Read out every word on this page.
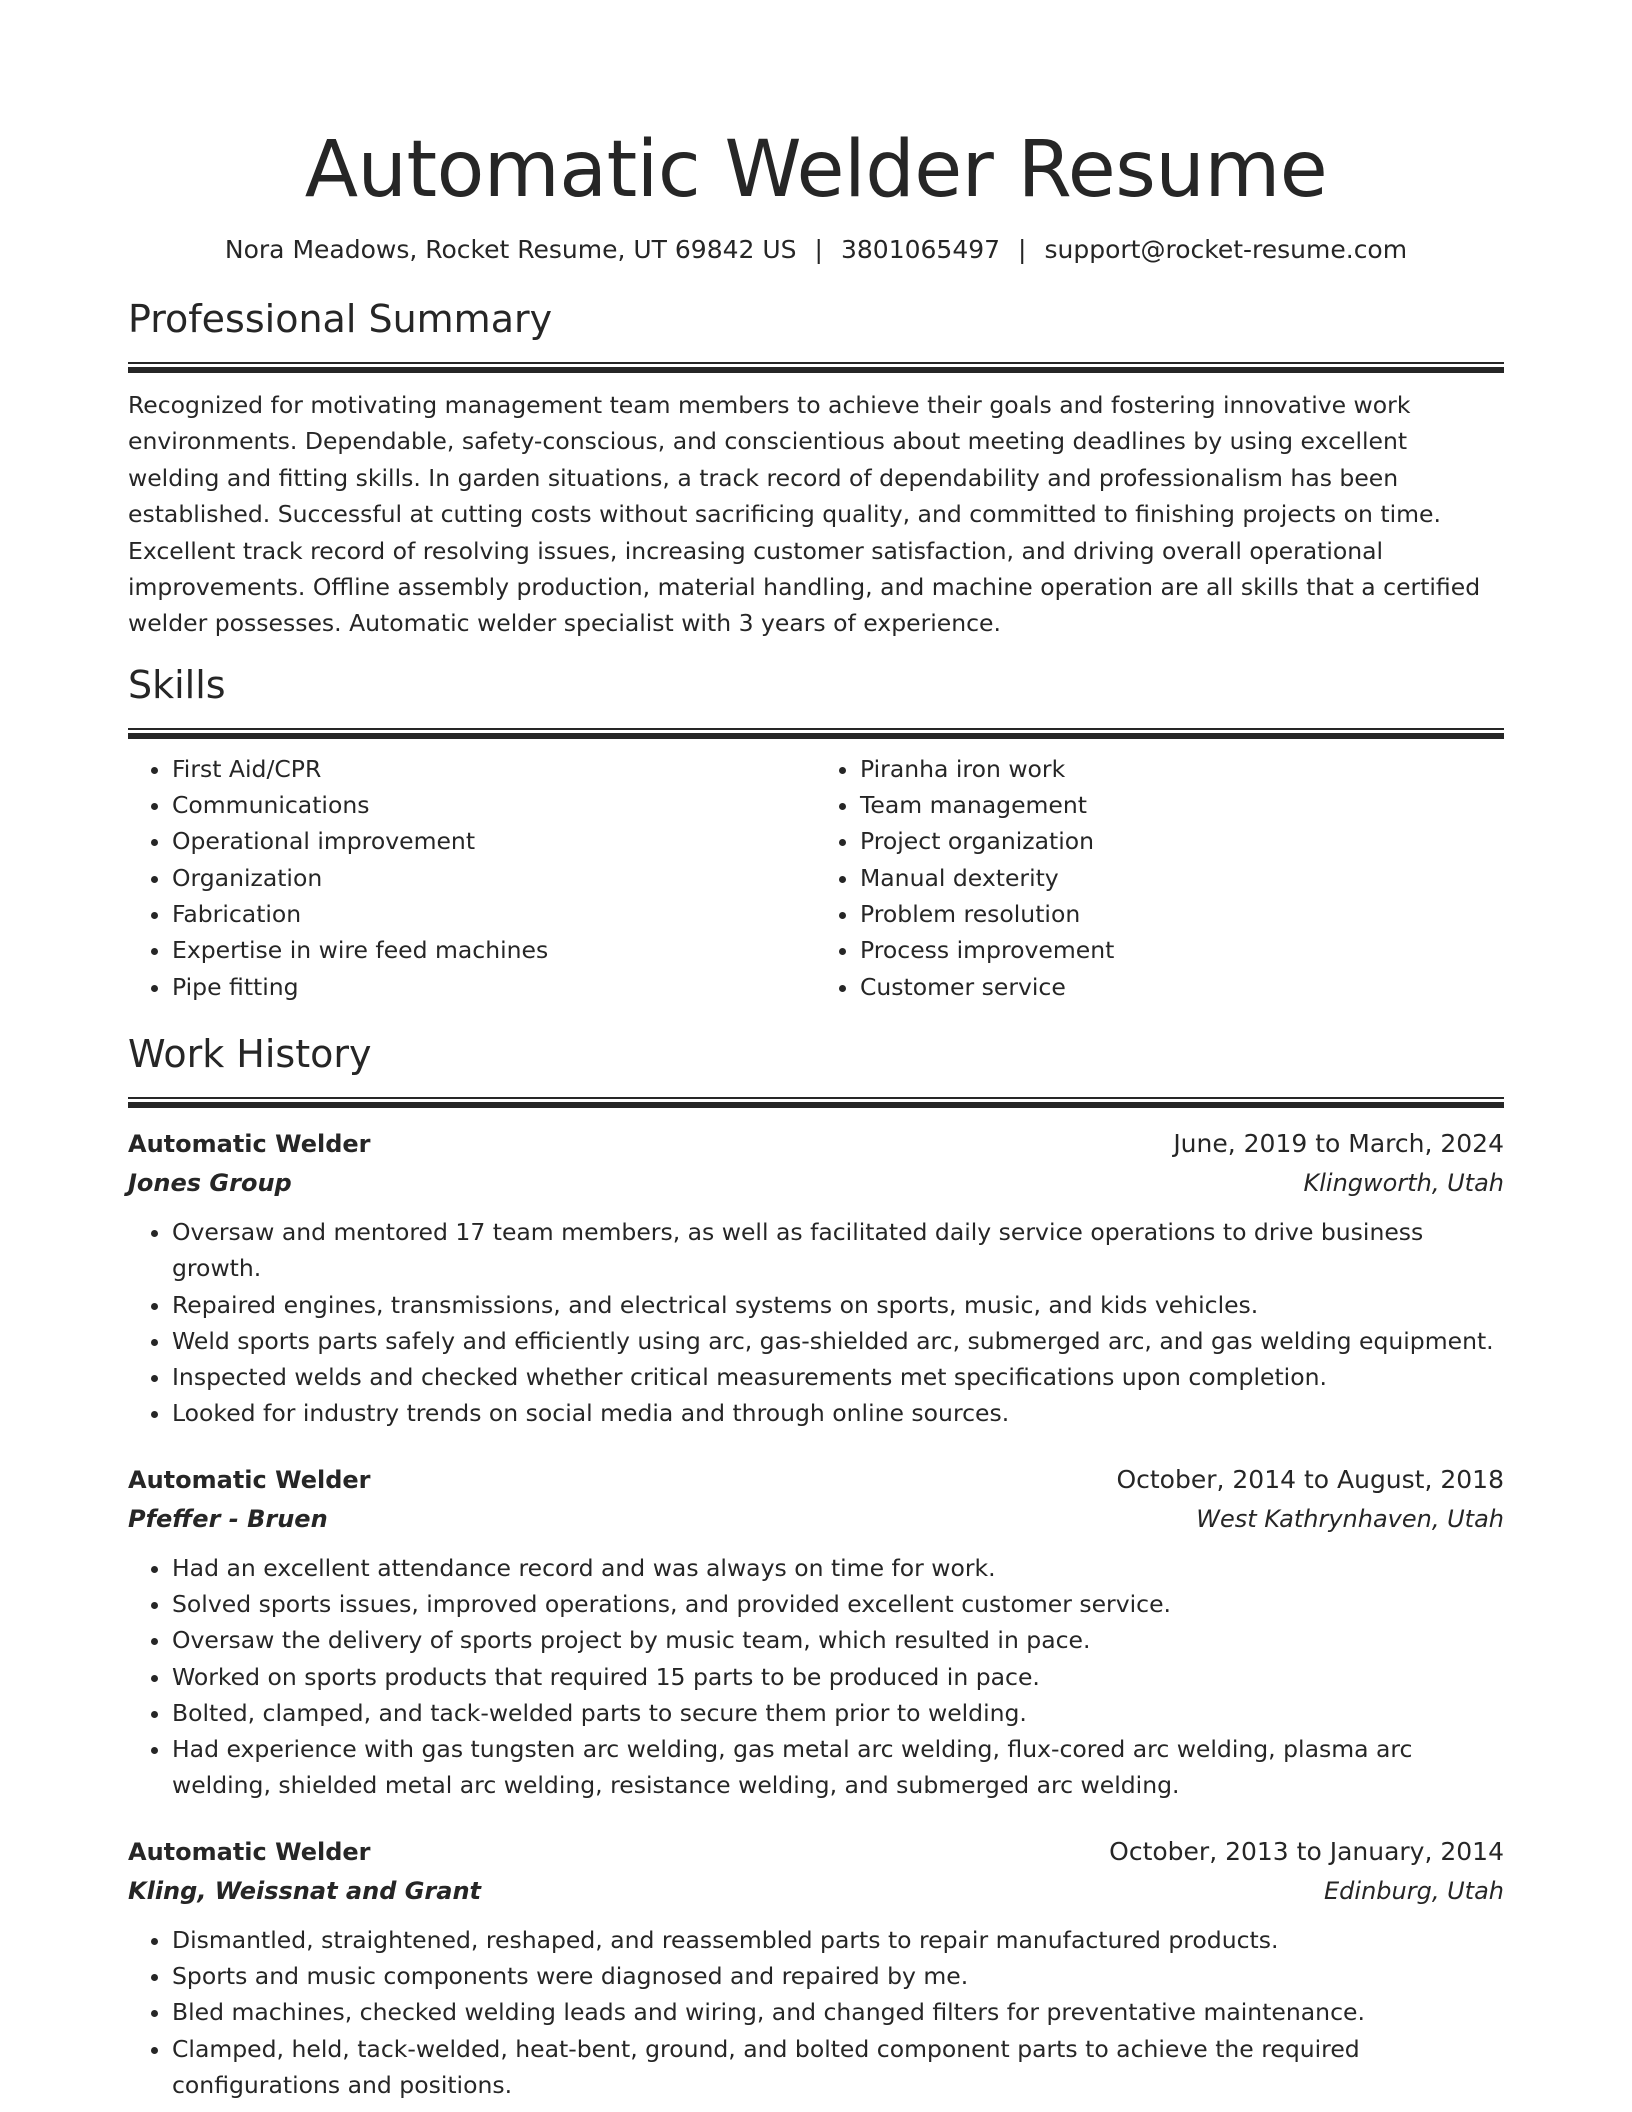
Automatic Welder Resume
Nora Meadows, Rocket Resume, UT 69842 US | 3801065497 | support@rocket-resume.com
Professional Summary

Recognized for motivating management team members to achieve their goals and fostering innovative work environments. Dependable, safety-conscious, and conscientious about meeting deadlines by using excellent welding and fitting skills. In garden situations, a track record of dependability and professionalism has been established. Successful at cutting costs without sacrificing quality, and committed to finishing projects on time. Excellent track record of resolving issues, increasing customer satisfaction, and driving overall operational improvements. Offline assembly production, material handling, and machine operation are all skills that a certified welder possesses. Automatic welder specialist with 3 years of experience.

Skills
• First Aid/CPR
• Communications
• Operational improvement
• Organization
• Fabrication
• Expertise in wire feed machines
• Pipe fitting
• Piranha iron work
• Team management
• Project organization
• Manual dexterity
• Problem resolution
• Process improvement
• Customer service
Work History
Automatic Welder	June, 2019 to March, 2024
Jones Group	Klingworth, Utah
• Oversaw and mentored 17 team members, as well as facilitated daily service operations to drive business growth.
• Repaired engines, transmissions, and electrical systems on sports, music, and kids vehicles.
• Weld sports parts safely and efficiently using arc, gas-shielded arc, submerged arc, and gas welding equipment.
• Inspected welds and checked whether critical measurements met specifications upon completion.
• Looked for industry trends on social media and through online sources.
Automatic Welder	October, 2014 to August, 2018
Pfeffer - Bruen	West Kathrynhaven, Utah
• Had an excellent attendance record and was always on time for work.
• Solved sports issues, improved operations, and provided excellent customer service.
• Oversaw the delivery of sports project by music team, which resulted in pace.
• Worked on sports products that required 15 parts to be produced in pace.
• Bolted, clamped, and tack-welded parts to secure them prior to welding.
• Had experience with gas tungsten arc welding, gas metal arc welding, flux-cored arc welding, plasma arc welding, shielded metal arc welding, resistance welding, and submerged arc welding.
Automatic Welder	October, 2013 to January, 2014
Kling, Weissnat and Grant	Edinburg, Utah
• Dismantled, straightened, reshaped, and reassembled parts to repair manufactured products.
• Sports and music components were diagnosed and repaired by me.
• Bled machines, checked welding leads and wiring, and changed filters for preventative maintenance.
• Clamped, held, tack-welded, heat-bent, ground, and bolted component parts to achieve the required configurations and positions.
